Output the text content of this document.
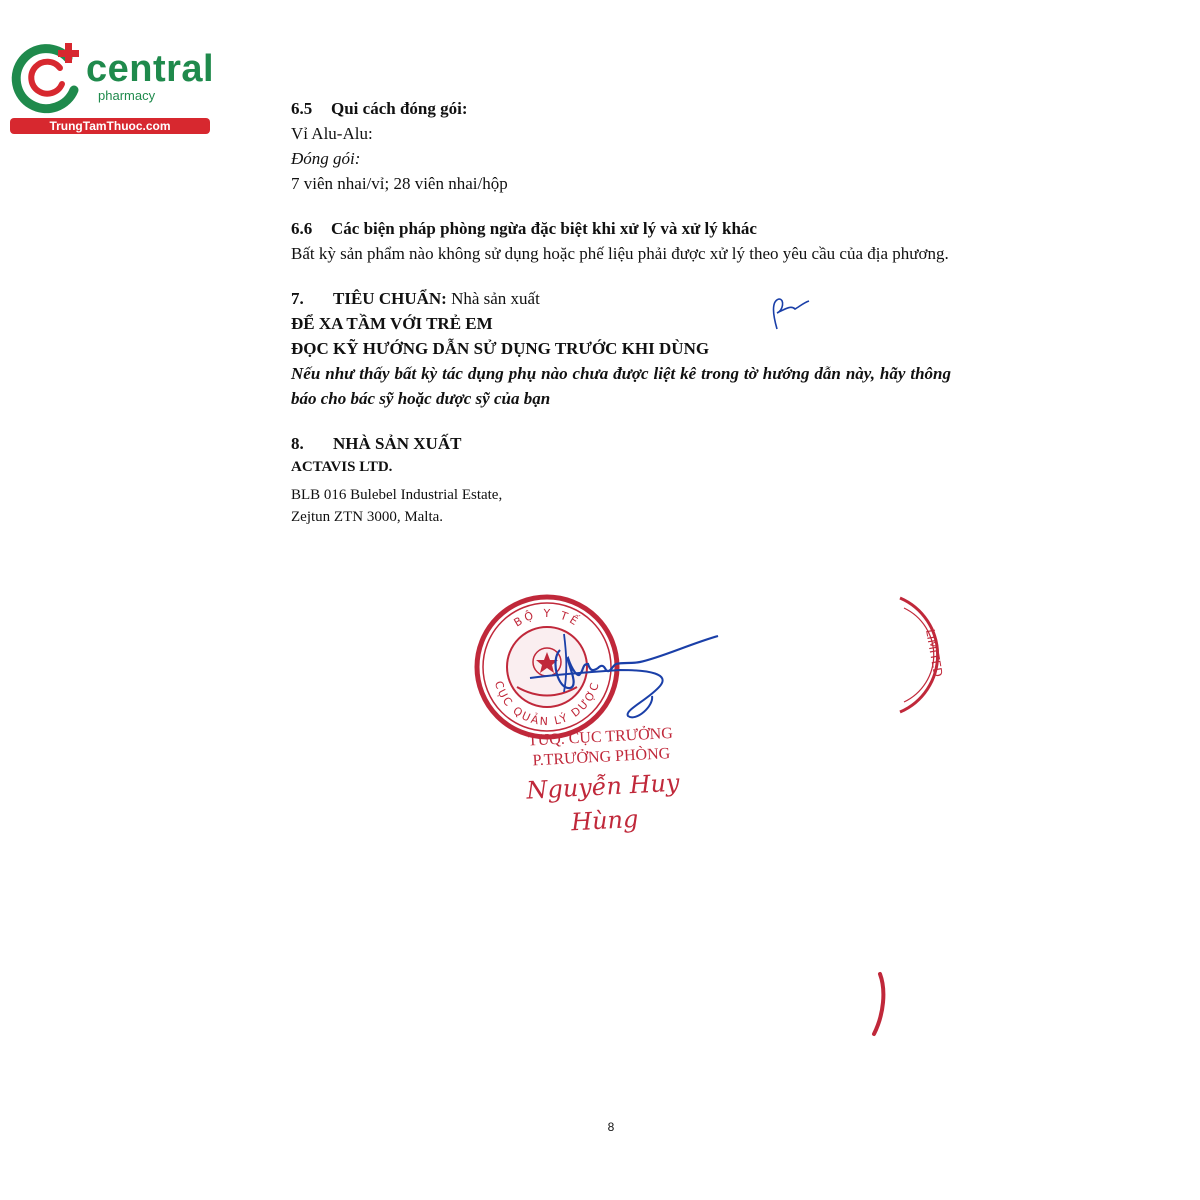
central
pharmacy
TrungTamThuoc.com

6.5 Qui cách đóng gói:

Vỉ Alu-Alu:

Đóng gói:

7 viên nhai/vỉ; 28 viên nhai/hộp

6.6 Các biện pháp phòng ngừa đặc biệt khi xử lý và xử lý khác

Bất kỳ sản phẩm nào không sử dụng hoặc phế liệu phải được xử lý theo yêu cầu của địa phương.

7. TIÊU CHUẨN: Nhà sản xuất

ĐỂ XA TẦM VỚI TRẺ EM

ĐỌC KỸ HƯỚNG DẪN SỬ DỤNG TRƯỚC KHI DÙNG

Nếu như thấy bất kỳ tác dụng phụ nào chưa được liệt kê trong tờ hướng dẫn này, hãy thông báo cho bác sỹ hoặc dược sỹ của bạn

8. NHÀ SẢN XUẤT

ACTAVIS LTD.

BLB 016 Bulebel Industrial Estate,

Zejtun ZTN 3000, Malta.

BỘ Y TẾ
CỤC QUẢN LÝ DƯỢC
TUQ. CỤC TRƯỞNG
P.TRƯỞNG PHÒNG
Nguyễn Huy Hùng
LIMITED
8
